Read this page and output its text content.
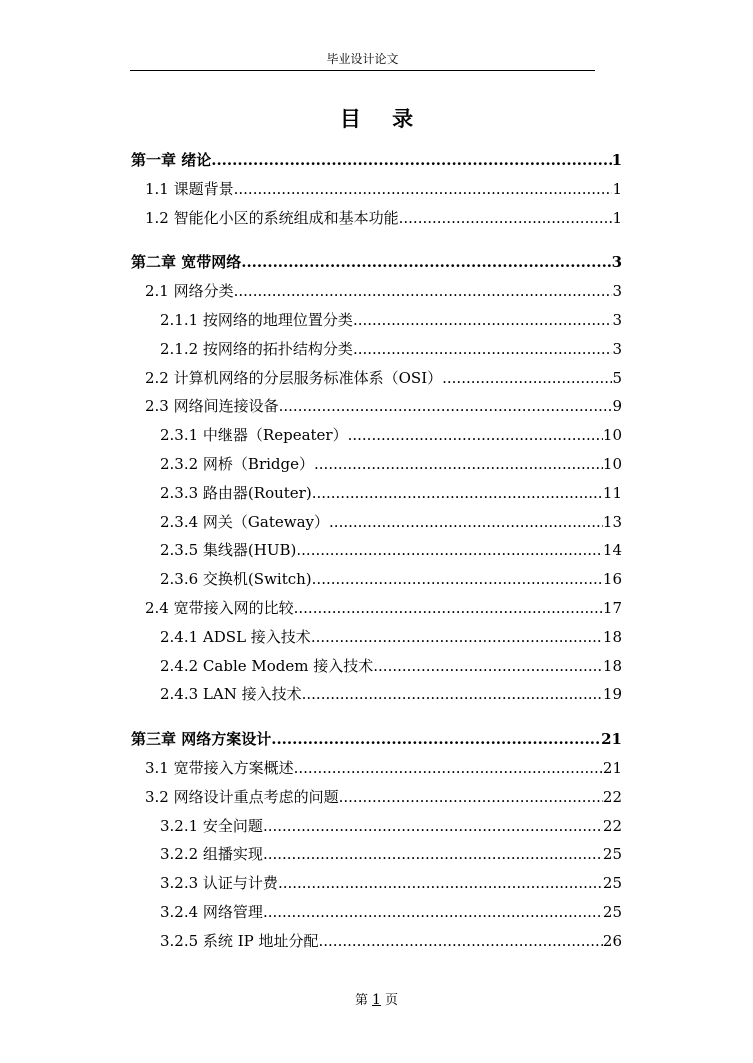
毕业设计论文
目 录
第一章 绪论 .....	1
1.1 课题背景 .....	1
1.2 智能化小区的系统组成和基本功能 .....	1
第二章 宽带网络 .....	3
2.1 网络分类 .....	3
2.1.1 按网络的地理位置分类 .....	3
2.1.2 按网络的拓扑结构分类 .....	3
2.2 计算机网络的分层服务标准体系（OSI） .....	5
2.3 网络间连接设备 .....	9
2.3.1 中继器（Repeater） .....	10
2.3.2 网桥（Bridge） .....	10
2.3.3 路由器(Router) .....	11
2.3.4 网关（Gateway） .....	13
2.3.5 集线器(HUB) .....	14
2.3.6 交换机(Switch) .....	16
2.4 宽带接入网的比较 .....	17
2.4.1 ADSL 接入技术 .....	18
2.4.2 Cable Modem 接入技术 .....	18
2.4.3 LAN 接入技术 .....	19
第三章 网络方案设计 .....	21
3.1 宽带接入方案概述 .....	21
3.2 网络设计重点考虑的问题 .....	22
3.2.1 安全问题 .....	22
3.2.2 组播实现 .....	25
3.2.3 认证与计费 .....	25
3.2.4 网络管理 .....	25
3.2.5 系统 IP 地址分配 .....	26
第 1 页
